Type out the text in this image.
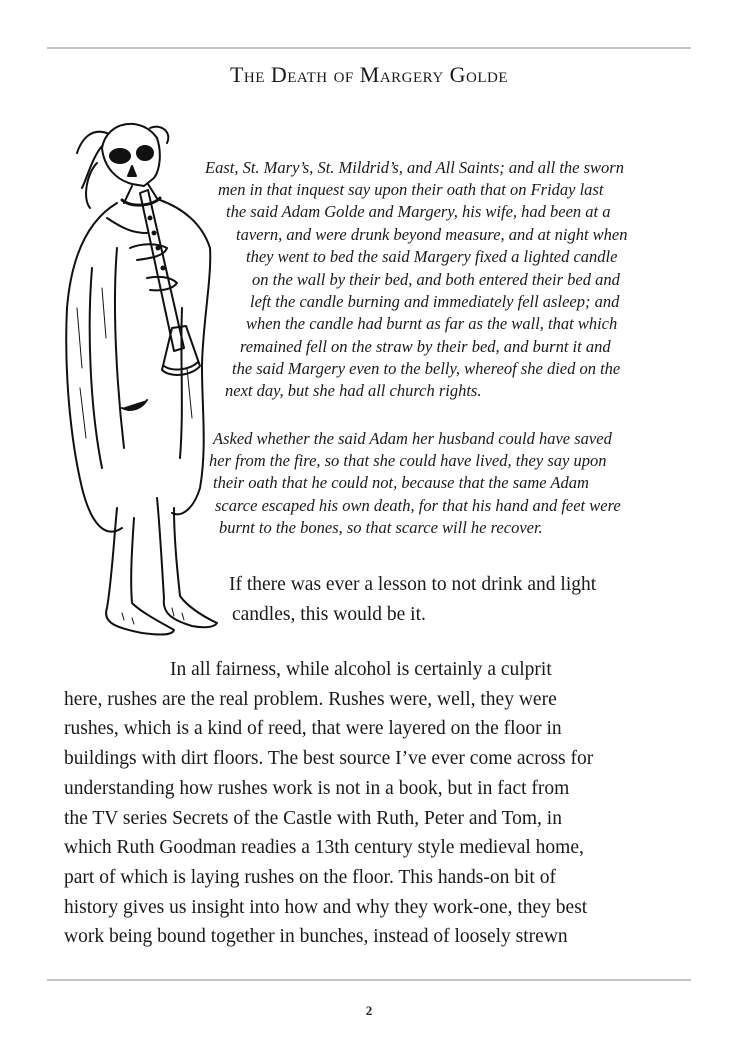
The Death of Margery Golde
East, St. Mary’s, St. Mildrid’s, and All Saints; and all the sworn
men in that inquest say upon their oath that on Friday last
the said Adam Golde and Margery, his wife, had been at a
tavern, and were drunk beyond measure, and at night when
they went to bed the said Margery fixed a lighted candle
on the wall by their bed, and both entered their bed and
left the candle burning and immediately fell asleep; and
when the candle had burnt as far as the wall, that which
remained fell on the straw by their bed, and burnt it and
the said Margery even to the belly, whereof she died on the
next day, but she had all church rights.
Asked whether the said Adam her husband could have saved
her from the fire, so that she could have lived, they say upon
their oath that he could not, because that the same Adam
scarce escaped his own death, for that his hand and feet were
burnt to the bones, so that scarce will he recover.
If there was ever a lesson to not drink and light
candles, this would be it.
In all fairness, while alcohol is certainly a culprit
here, rushes are the real problem. Rushes were, well, they were
rushes, which is a kind of reed, that were layered on the floor in
buildings with dirt floors. The best source I’ve ever come across for
understanding how rushes work is not in a book, but in fact from
the TV series Secrets of the Castle with Ruth, Peter and Tom, in
which Ruth Goodman readies a 13th century style medieval home,
part of which is laying rushes on the floor. This hands-on bit of
history gives us insight into how and why they work-one, they best
work being bound together in bunches, instead of loosely strewn
2
